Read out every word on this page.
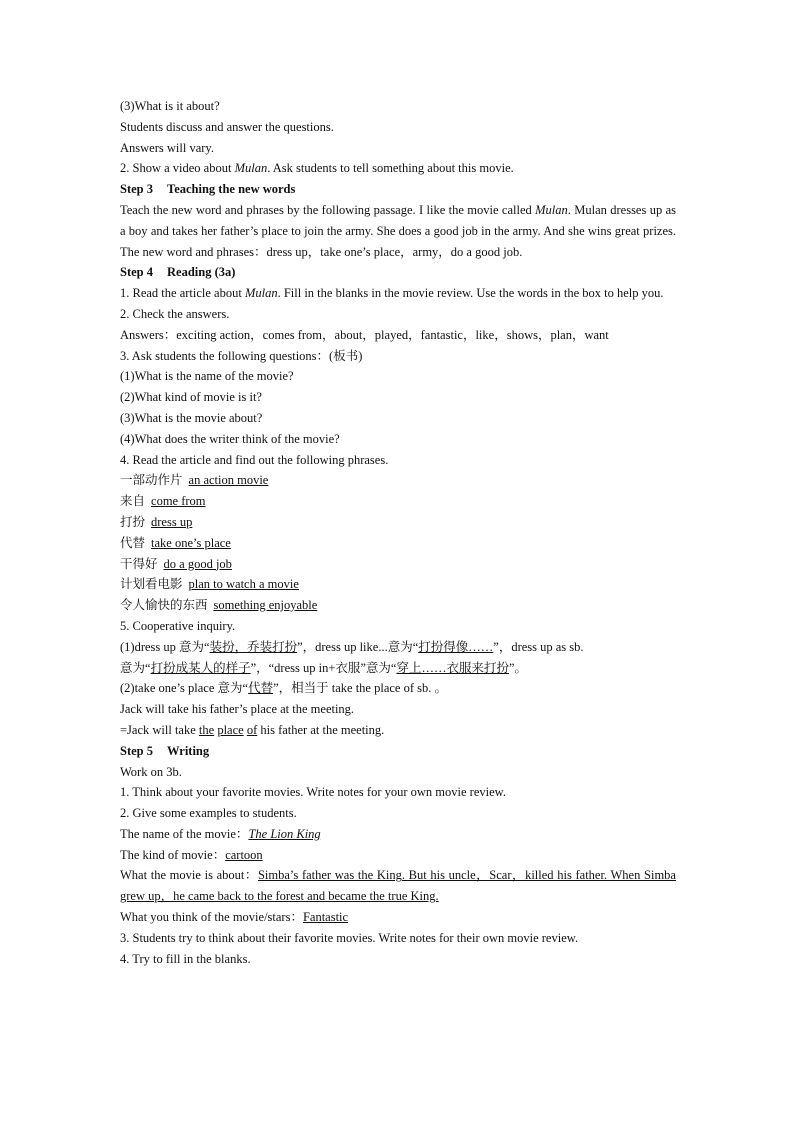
(3)What is it about?
Students discuss and answer the questions.
Answers will vary.
2. Show a video about Mulan. Ask students to tell something about this movie.
Step 3 Teaching the new words

Teach the new word and phrases by the following passage. I like the movie called Mulan. Mulan dresses up as a boy and takes her father’s place to join the army. She does a good job in the army. And she wins great prizes. The new word and phrases：dress up，take one’s place，army，do a good job.

Step 4 Reading (3a)

1. Read the article about Mulan. Fill in the blanks in the movie review. Use the words in the box to help you.

2. Check the answers.
Answers：exciting action，comes from，about，played，fantastic，like，shows，plan，want
3. Ask students the following questions：(板书)
(1)What is the name of the movie?
(2)What kind of movie is it?
(3)What is the movie about?
(4)What does the writer think of the movie?
4. Read the article and find out the following phrases.
一部动作片 an action movie
来自 come from
打扮 dress up
代替 take one’s place
干得好 do a good job
计划看电影 plan to watch a movie
令人愉快的东西 something enjoyable
5. Cooperative inquiry.
(1)dress up 意为“装扮，乔装打扮”，dress up like...意为“打扮得像……”，dress up as sb.
意为“打扮成某人的样子”，“dress up in+衣服”意为“穿上……衣服来打扮”。
(2)take one’s place 意为“代替”，相当于 take the place of sb. 。
Jack will take his father’s place at the meeting.
=Jack will take the place of his father at the meeting.
Step 5 Writing
Work on 3b.
1. Think about your favorite movies. Write notes for your own movie review.
2. Give some examples to students.
The name of the movie：The Lion King
The kind of movie：cartoon

What the movie is about：Simba’s father was the King. But his uncle，Scar，killed his father. When Simba grew up，he came back to the forest and became the true King.

What you think of the movie/stars：Fantastic
3. Students try to think about their favorite movies. Write notes for their own movie review.
4. Try to fill in the blanks.
